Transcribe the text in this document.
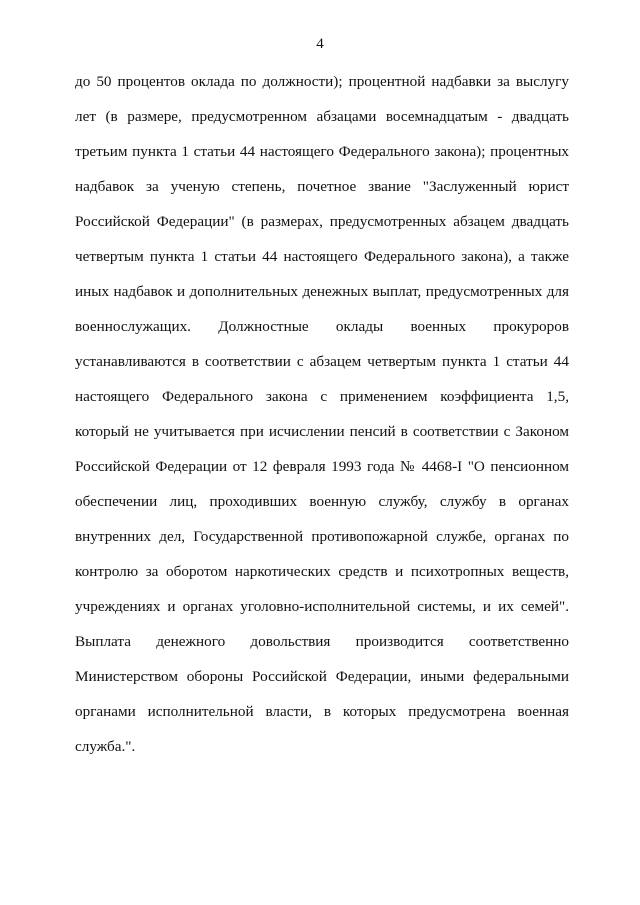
4
до 50 процентов оклада по должности); процентной надбавки за выслугу
лет (в размере, предусмотренном абзацами восемнадцатым - двадцать
третьим пункта 1 статьи 44 настоящего Федерального закона); процентных
надбавок за ученую степень, почетное звание "Заслуженный юрист
Российской Федерации" (в размерах, предусмотренных абзацем двадцать
четвертым пункта 1 статьи 44 настоящего Федерального закона), а также
иных надбавок и дополнительных денежных выплат, предусмотренных для
военнослужащих. Должностные оклады военных прокуроров
устанавливаются в соответствии с абзацем четвертым пункта 1 статьи 44
настоящего Федерального закона с применением коэффициента 1,5,
который не учитывается при исчислении пенсий в соответствии с Законом
Российской Федерации от 12 февраля 1993 года № 4468-I "О пенсионном
обеспечении лиц, проходивших военную службу, службу в органах
внутренних дел, Государственной противопожарной службе, органах по
контролю за оборотом наркотических средств и психотропных веществ,
учреждениях и органах уголовно-исполнительной системы, и их семей".
Выплата денежного довольствия производится соответственно
Министерством обороны Российской Федерации, иными федеральными
органами исполнительной власти, в которых предусмотрена военная
служба.".
